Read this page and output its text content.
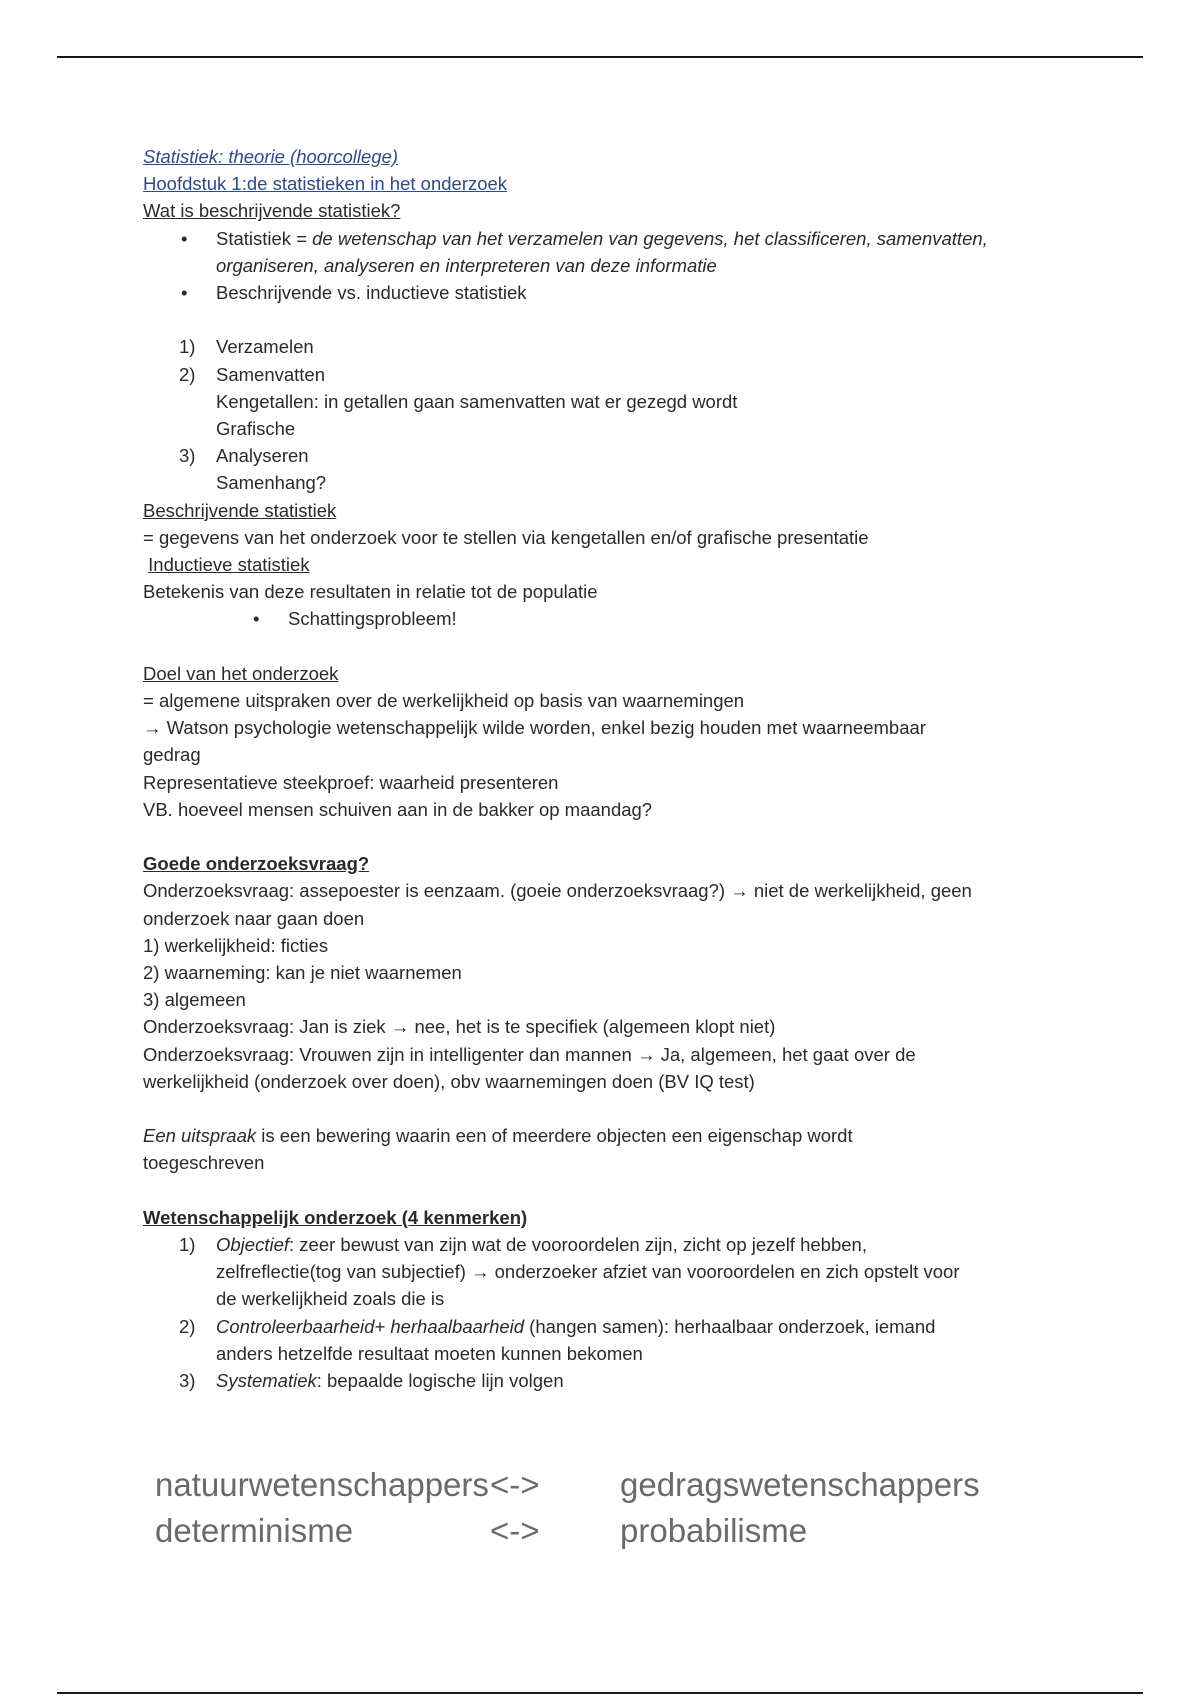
Statistiek: theorie (hoorcollege)
Hoofdstuk 1:de statistieken in het onderzoek
Wat is beschrijvende statistiek?
• Statistiek = de wetenschap van het verzamelen van gegevens, het classificeren, samenvatten,
organiseren, analyseren en interpreteren van deze informatie
• Beschrijvende vs. inductieve statistiek
1) Verzamelen
2) Samenvatten
Kengetallen: in getallen gaan samenvatten wat er gezegd wordt
Grafische
3) Analyseren
Samenhang?
Beschrijvende statistiek
= gegevens van het onderzoek voor te stellen via kengetallen en/of grafische presentatie
Inductieve statistiek
Betekenis van deze resultaten in relatie tot de populatie
• Schattingsprobleem!
Doel van het onderzoek
= algemene uitspraken over de werkelijkheid op basis van waarnemingen
→ Watson psychologie wetenschappelijk wilde worden, enkel bezig houden met waarneembaar
gedrag
Representatieve steekproef: waarheid presenteren
VB. hoeveel mensen schuiven aan in de bakker op maandag?
Goede onderzoeksvraag?
Onderzoeksvraag: assepoester is eenzaam. (goeie onderzoeksvraag?) → niet de werkelijkheid, geen
onderzoek naar gaan doen
1) werkelijkheid: ficties
2) waarneming: kan je niet waarnemen
3) algemeen
Onderzoeksvraag: Jan is ziek → nee, het is te specifiek (algemeen klopt niet)
Onderzoeksvraag: Vrouwen zijn in intelligenter dan mannen → Ja, algemeen, het gaat over de
werkelijkheid (onderzoek over doen), obv waarnemingen doen (BV IQ test)
Een uitspraak is een bewering waarin een of meerdere objecten een eigenschap wordt
toegeschreven
Wetenschappelijk onderzoek (4 kenmerken)
1) Objectief: zeer bewust van zijn wat de vooroordelen zijn, zicht op jezelf hebben,
zelfreflectie(tog van subjectief) → onderzoeker afziet van vooroordelen en zich opstelt voor
de werkelijkheid zoals die is
2) Controleerbaarheid+ herhaalbaarheid (hangen samen): herhaalbaar onderzoek, iemand
anders hetzelfde resultaat moeten kunnen bekomen
3) Systematiek: bepaalde logische lijn volgen
natuurwetenschappers <-> gedragswetenschappers
determinisme	<-> probabilisme
